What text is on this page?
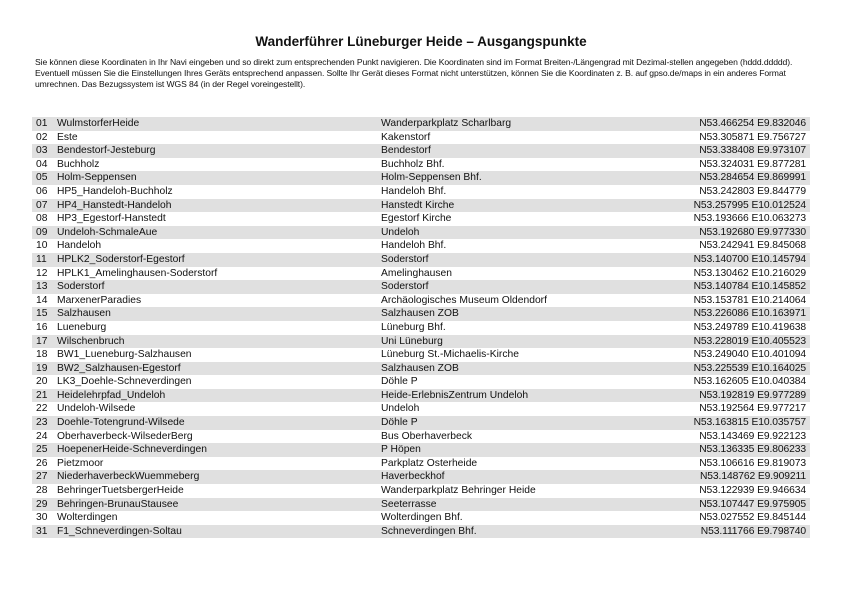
Wanderführer Lüneburger Heide – Ausgangspunkte

Sie können diese Koordinaten in Ihr Navi eingeben und so direkt zum entsprechenden Punkt navigieren. Die Koordinaten sind im Format Breiten-/Längengrad mit Dezimal-stellen angegeben (hddd.ddddd).

Eventuell müssen Sie die Einstellungen Ihres Geräts entsprechend anpassen. Sollte Ihr Gerät dieses Format nicht unterstützen, können Sie die Koordinaten z. B. auf gpso.de/maps in ein anderes Format umrechnen. Das Bezugssystem ist WGS 84 (in der Regel voreingestellt).

01 WulmstorferHeide	Wanderparkplatz Scharlbarg	N53.466254 E9.832046
02 Este	Kakenstorf	N53.305871 E9.756727
03 Bendestorf-Jesteburg	Bendestorf	N53.338408 E9.973107
04 Buchholz	Buchholz Bhf.	N53.324031 E9.877281
05 Holm-Seppensen	Holm-Seppensen Bhf.	N53.284654 E9.869991
06 HP5_Handeloh-Buchholz	Handeloh Bhf.	N53.242803 E9.844779
07 HP4_Hanstedt-Handeloh	Hanstedt Kirche	N53.257995 E10.012524
08 HP3_Egestorf-Hanstedt	Egestorf Kirche	N53.193666 E10.063273
09 Undeloh-SchmaleAue	Undeloh	N53.192680 E9.977330
10 Handeloh	Handeloh Bhf.	N53.242941 E9.845068
11 HPLK2_Soderstorf-Egestorf	Soderstorf	N53.140700 E10.145794
12 HPLK1_Amelinghausen-Soderstorf	Amelinghausen	N53.130462 E10.216029
13 Soderstorf	Soderstorf	N53.140784 E10.145852
14 MarxenerParadies	Archäologisches Museum Oldendorf	N53.153781 E10.214064
15 Salzhausen	Salzhausen ZOB	N53.226086 E10.163971
16 Lueneburg	Lüneburg Bhf.	N53.249789 E10.419638
17 Wilschenbruch	Uni Lüneburg	N53.228019 E10.405523
18 BW1_Lueneburg-Salzhausen	Lüneburg St.-Michaelis-Kirche	N53.249040 E10.401094
19 BW2_Salzhausen-Egestorf	Salzhausen ZOB	N53.225539 E10.164025
20 LK3_Doehle-Schneverdingen	Döhle P	N53.162605 E10.040384
21 Heidelehrpfad_Undeloh	Heide-ErlebnisZentrum Undeloh	N53.192819 E9.977289
22 Undeloh-Wilsede	Undeloh	N53.192564 E9.977217
23 Doehle-Totengrund-Wilsede	Döhle P	N53.163815 E10.035757
24 Oberhaverbeck-WilsederBerg	Bus Oberhaverbeck	N53.143469 E9.922123
25 HoepenerHeide-Schneverdingen	P Höpen	N53.136335 E9.806233
26 Pietzmoor	Parkplatz Osterheide	N53.106616 E9.819073
27 NiederhaverbeckWuemmeberg	Haverbeckhof	N53.148762 E9.909211
28 BehringerTuetsbergerHeide	Wanderparkplatz Behringer Heide	N53.122939 E9.946634
29 Behringen-BrunauStausee	Seeterrasse	N53.107447 E9.975905
30 Wolterdingen	Wolterdingen Bhf.	N53.027552 E9.845144
31 F1_Schneverdingen-Soltau	Schneverdingen Bhf.	N53.111766 E9.798740
